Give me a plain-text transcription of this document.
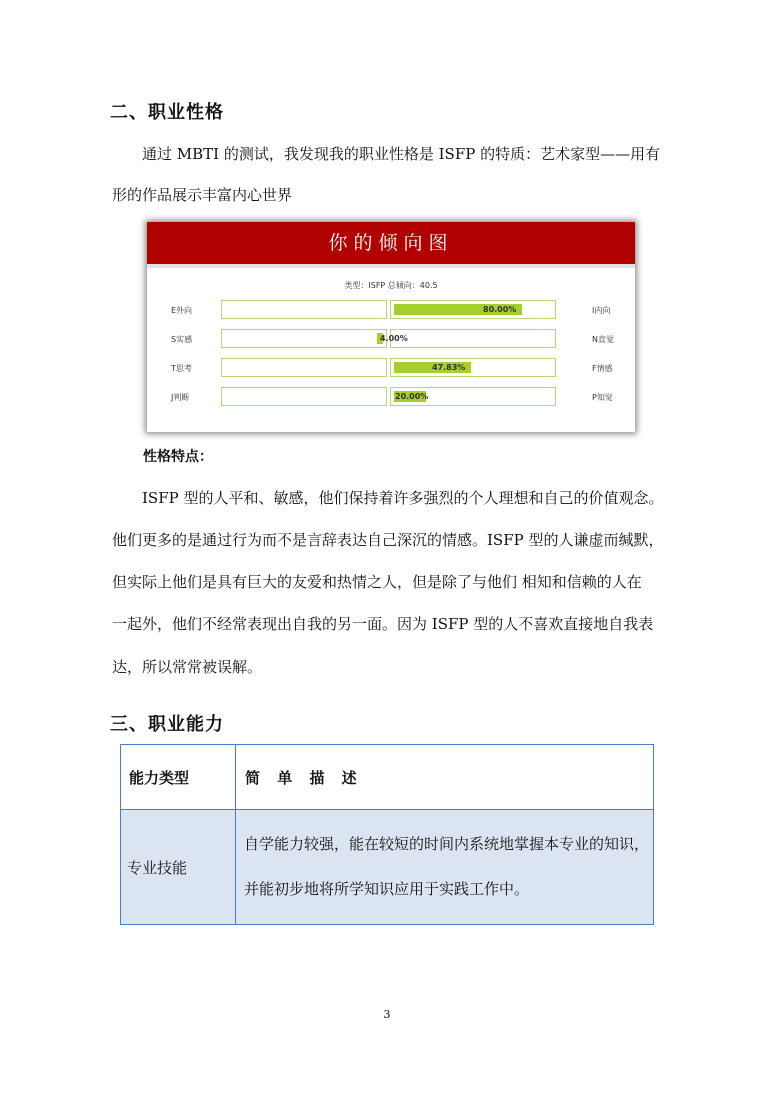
二、职业性格
通过 MBTI 的测试，我发现我的职业性格是 ISFP 的特质：艺术家型——用有
形的作品展示丰富内心世界
你的倾向图
类型：ISFP 总倾向：40.5
E外向	I内向
80.00%
S实感	N直觉
4.00%
T思考	F情感
47.83%
J判断	P知觉
20.00%
性格特点：
ISFP 型的人平和、敏感，他们保持着许多强烈的个人理想和自己的价值观念。
他们更多的是通过行为而不是言辞表达自己深沉的情感。ISFP 型的人谦虚而缄默，
但实际上他们是具有巨大的友爱和热情之人，但是除了与他们 相知和信赖的人在
一起外，他们不经常表现出自我的另一面。因为 ISFP 型的人不喜欢直接地自我表
达，所以常常被误解。
三、职业能力
能力类型	简 单 描 述
专业技能	自学能力较强，能在较短的时间内系统地掌握本专业的知识，
并能初步地将所学知识应用于实践工作中。
3
